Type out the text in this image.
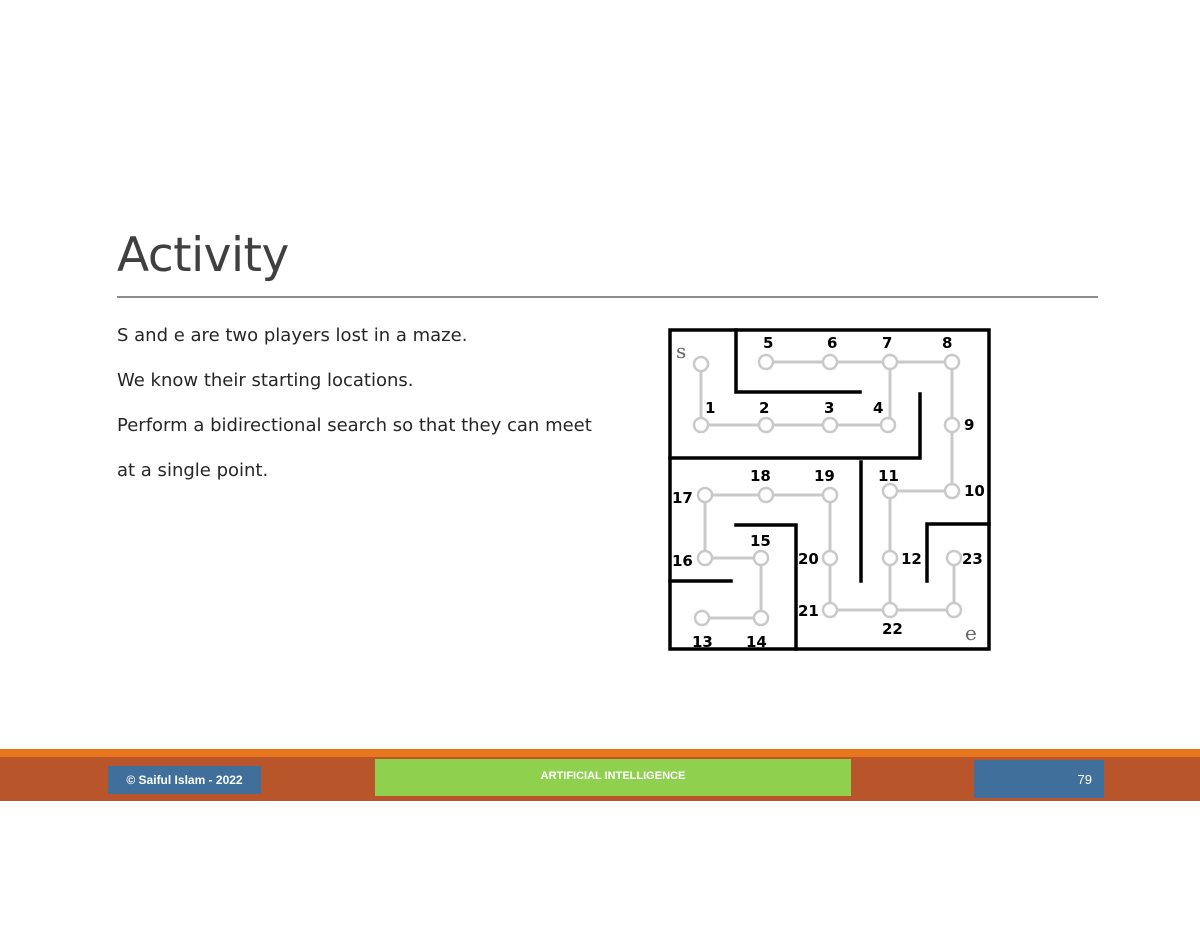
Activity

S and e are two players lost in a maze.

We know their starting locations.

Perform a bidirectional search so that they can meet

at a single point.

s
e
1	2	3	4
5	6	7	8
9
10
11
12
13 14
15
16
17
18	19
20
21
22
23
© Saiful Islam - 2022	ARTIFICIAL INTELLIGENCE	79
